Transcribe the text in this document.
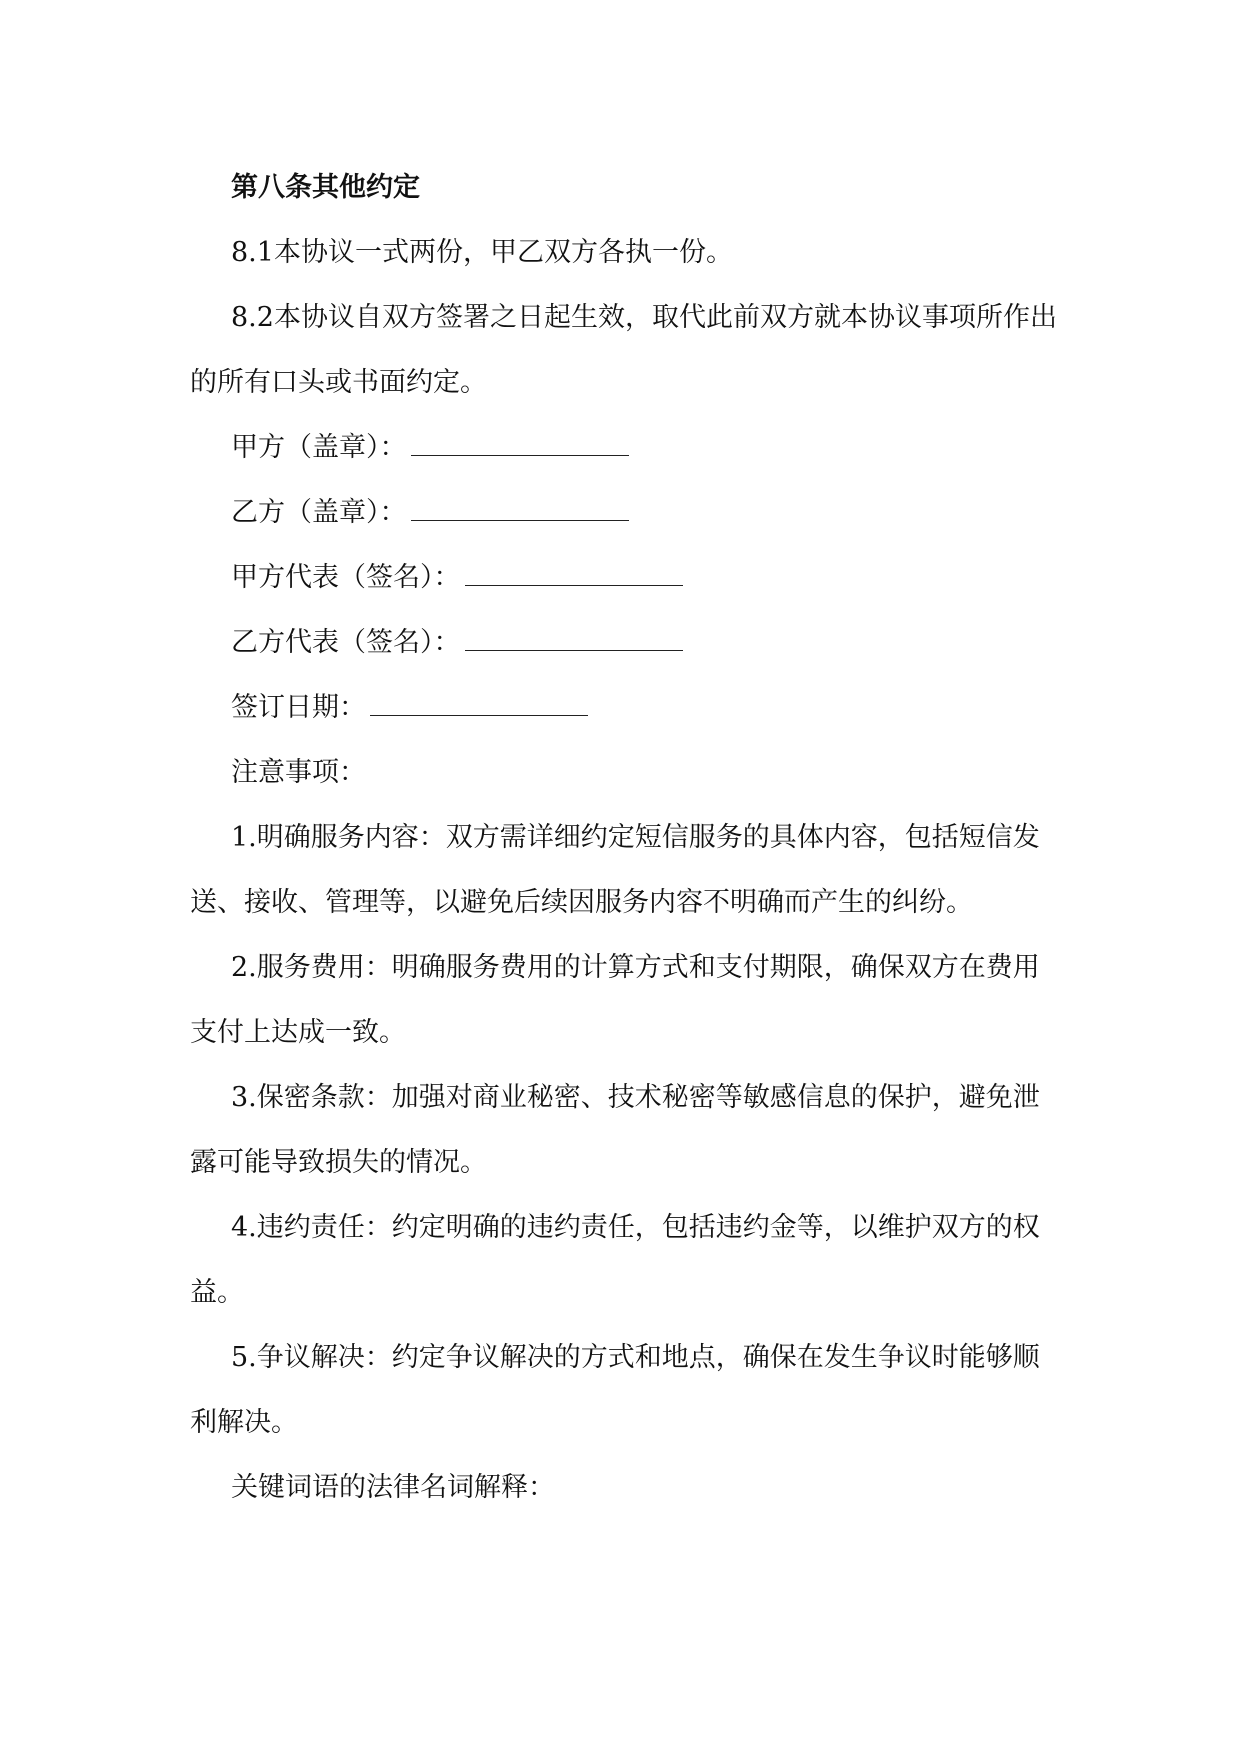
第八条其他约定

8.1本协议一式两份，甲乙双方各执一份。

8.2本协议自双方签署之日起生效，取代此前双方就本协议事项所作出的所有口头或书面约定。

甲方（盖章）：

乙方（盖章）：

甲方代表（签名）：

乙方代表（签名）：

签订日期：

注意事项：

1.明确服务内容：双方需详细约定短信服务的具体内容，包括短信发送、接收、管理等，以避免后续因服务内容不明确而产生的纠纷。

2.服务费用：明确服务费用的计算方式和支付期限，确保双方在费用支付上达成一致。

3.保密条款：加强对商业秘密、技术秘密等敏感信息的保护，避免泄露可能导致损失的情况。

4.违约责任：约定明确的违约责任，包括违约金等，以维护双方的权益。

5.争议解决：约定争议解决的方式和地点，确保在发生争议时能够顺利解决。

关键词语的法律名词解释：
